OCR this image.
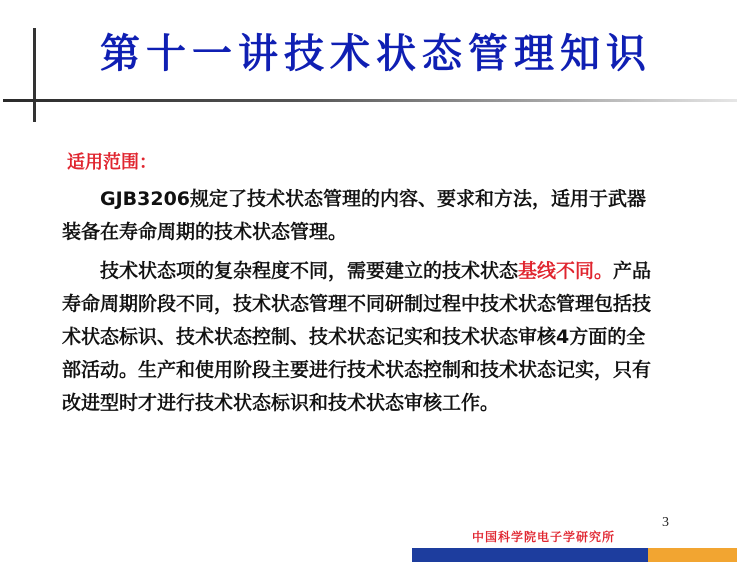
第十一讲技术状态管理知识
适用范围：

GJB3206规定了技术状态管理的内容、要求和方法，适用于武器装备在寿命周期的技术状态管理。

技术状态项的复杂程度不同，需要建立的技术状态基线不同。产品寿命周期阶段不同，技术状态管理不同研制过程中技术状态管理包括技术状态标识、技术状态控制、技术状态记实和技术状态审核4方面的全部活动。生产和使用阶段主要进行技术状态控制和技术状态记实，只有改进型时才进行技术状态标识和技术状态审核工作。

3
中国科学院电子学研究所
